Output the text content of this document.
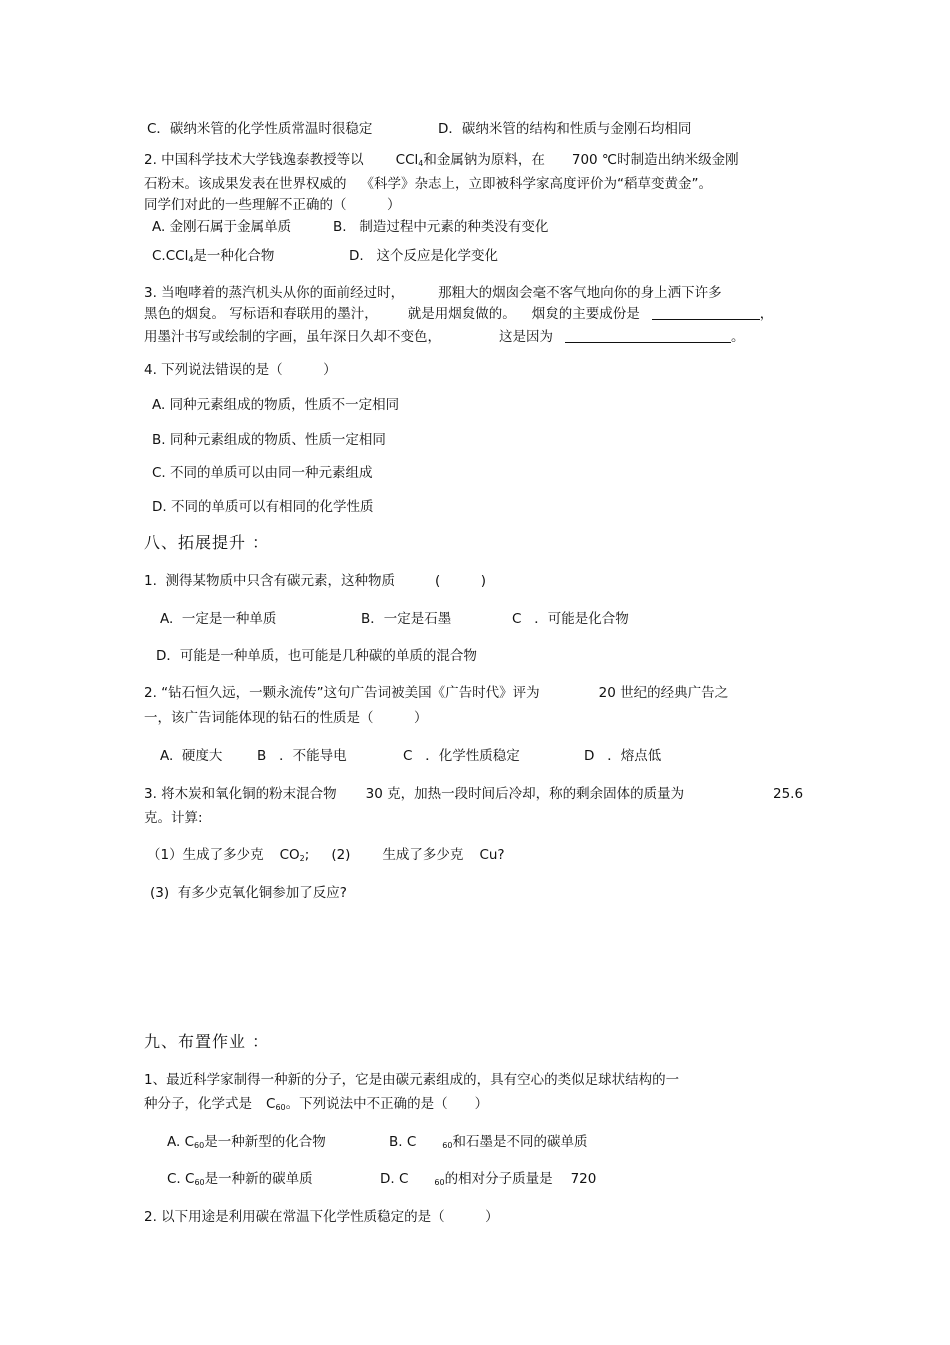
C．碳纳米管的化学性质常温时很稳定	D．碳纳米管的结构和性质与金刚石均相同
2. 中国科学技术大学钱逸泰教授等以 CCl$_4$和金属钠为原料，在 700 ℃时制造出纳米级金刚
石粉末。该成果发表在世界权威的 《科学》杂志上，立即被科学家高度评价为“稻草变黄金”。
同学们对此的一些理解不正确的（　　　）
A. 金刚石属于金属单质	B.   制造过程中元素的种类没有变化
C.CCl$_4$是一种化合物	D.   这个反应是化学变化
3. 当咆哮着的蒸汽机头从你的面前经过时，	那粗大的烟囱会毫不客气地向你的身上洒下许多
黑色的烟炱。 写标语和春联用的墨汁， 就是用烟炱做的。 烟炱的主要成份是	，
用墨汁书写或绘制的字画，虽年深日久却不变色，	这是因为	。
4. 下列说法错误的是（　　　）
A. 同种元素组成的物质，性质不一定相同
B. 同种元素组成的物质、性质一定相同
C. 不同的单质可以由同一种元素组成
D. 不同的单质可以有相同的化学性质
八、拓展提升 ：
1.  测得某物质中只含有碳元素，这种物质	(　　　)
A.  一定是一种单质	B．一定是石墨	C   ．可能是化合物
D．可能是一种单质，也可能是几种碳的单质的混合物
2. “钻石恒久远，一颗永流传”这句广告词被美国《广告时代》评为	20 世纪的经典广告之
一，该广告词能体现的钻石的性质是（　　　）
A.  硬度大	B   ．不能导电	C   ．化学性质稳定	D   ．熔点低
3. 将木炭和氧化铜的粉末混合物 30 克，加热一段时间后冷却，称的剩余固体的质量为	25.6
克。计算:
（1）生成了多少克 $CO_2$; (2) 生成了多少克 Cu?
(3)  有多少克氧化铜参加了反应?
九、布置作业 ：
1、最近科学家制得一种新的分子，它是由碳元素组成的，具有空心的类似足球状结构的一
种分子，化学式是 $C_{60}$。下列说法中不正确的是（　　）
A. $C_{60}$是一种新型的化合物	B. C	$_{60}$和石墨是不同的碳单质
C. $C_{60}$是一种新的碳单质	D. C	$_{60}$的相对分子质量是 720
2. 以下用途是利用碳在常温下化学性质稳定的是（　　　）
